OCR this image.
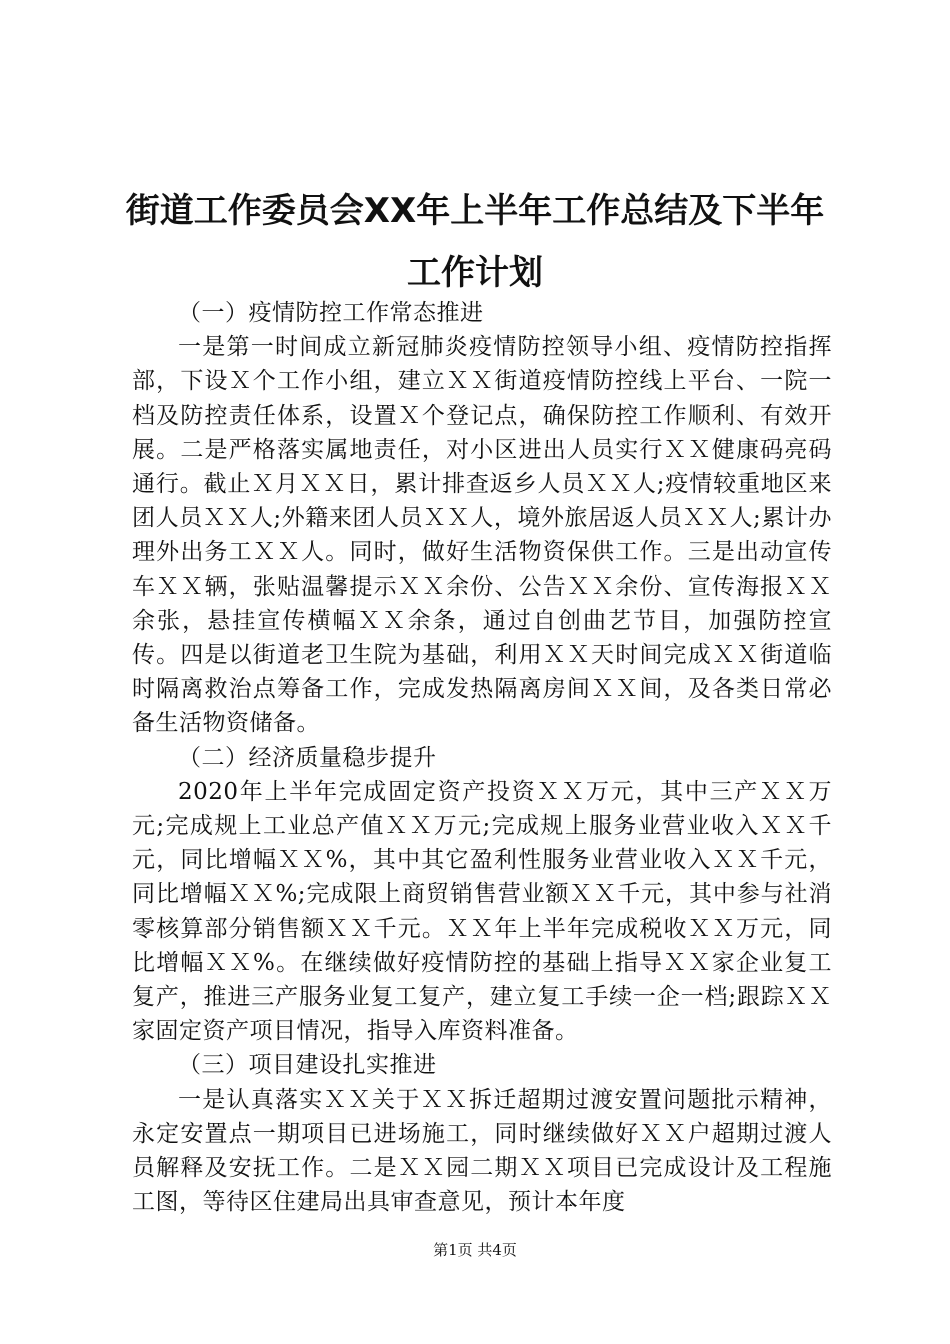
街道工作委员会XX年上半年工作总结及下半年工作计划

（一）疫情防控工作常态推进

一是第一时间成立新冠肺炎疫情防控领导小组、疫情防控指挥部，下设Ｘ个工作小组，建立ＸＸ街道疫情防控线上平台、一院一档及防控责任体系，设置Ｘ个登记点，确保防控工作顺利、有效开展。二是严格落实属地责任，对小区进出人员实行ＸＸ健康码亮码通行。截止Ｘ月ＸＸ日，累计排查返乡人员ＸＸ人;疫情较重地区来团人员ＸＸ人;外籍来团人员ＸＸ人，境外旅居返人员ＸＸ人;累计办理外出务工ＸＸ人。同时，做好生活物资保供工作。三是出动宣传车ＸＸ辆，张贴温馨提示ＸＸ余份、公告ＸＸ余份、宣传海报ＸＸ余张，悬挂宣传横幅ＸＸ余条，通过自创曲艺节目，加强防控宣传。四是以街道老卫生院为基础，利用ＸＸ天时间完成ＸＸ街道临时隔离救治点筹备工作，完成发热隔离房间ＸＸ间，及各类日常必备生活物资储备。

（二）经济质量稳步提升

2020年上半年完成固定资产投资ＸＸ万元，其中三产ＸＸ万元;完成规上工业总产值ＸＸ万元;完成规上服务业营业收入ＸＸ千元，同比增幅ＸＸ%，其中其它盈利性服务业营业收入ＸＸ千元，同比增幅ＸＸ%;完成限上商贸销售营业额ＸＸ千元，其中参与社消零核算部分销售额ＸＸ千元。ＸＸ年上半年完成税收ＸＸ万元，同比增幅ＸＸ%。在继续做好疫情防控的基础上指导ＸＸ家企业复工复产，推进三产服务业复工复产，建立复工手续一企一档;跟踪ＸＸ家固定资产项目情况，指导入库资料准备。

（三）项目建设扎实推进

一是认真落实ＸＸ关于ＸＸ拆迁超期过渡安置问题批示精神，永定安置点一期项目已进场施工，同时继续做好ＸＸ户超期过渡人员解释及安抚工作。二是ＸＸ园二期ＸＸ项目已完成设计及工程施工图，等待区住建局出具审查意见，预计本年度

第1页 共4页
